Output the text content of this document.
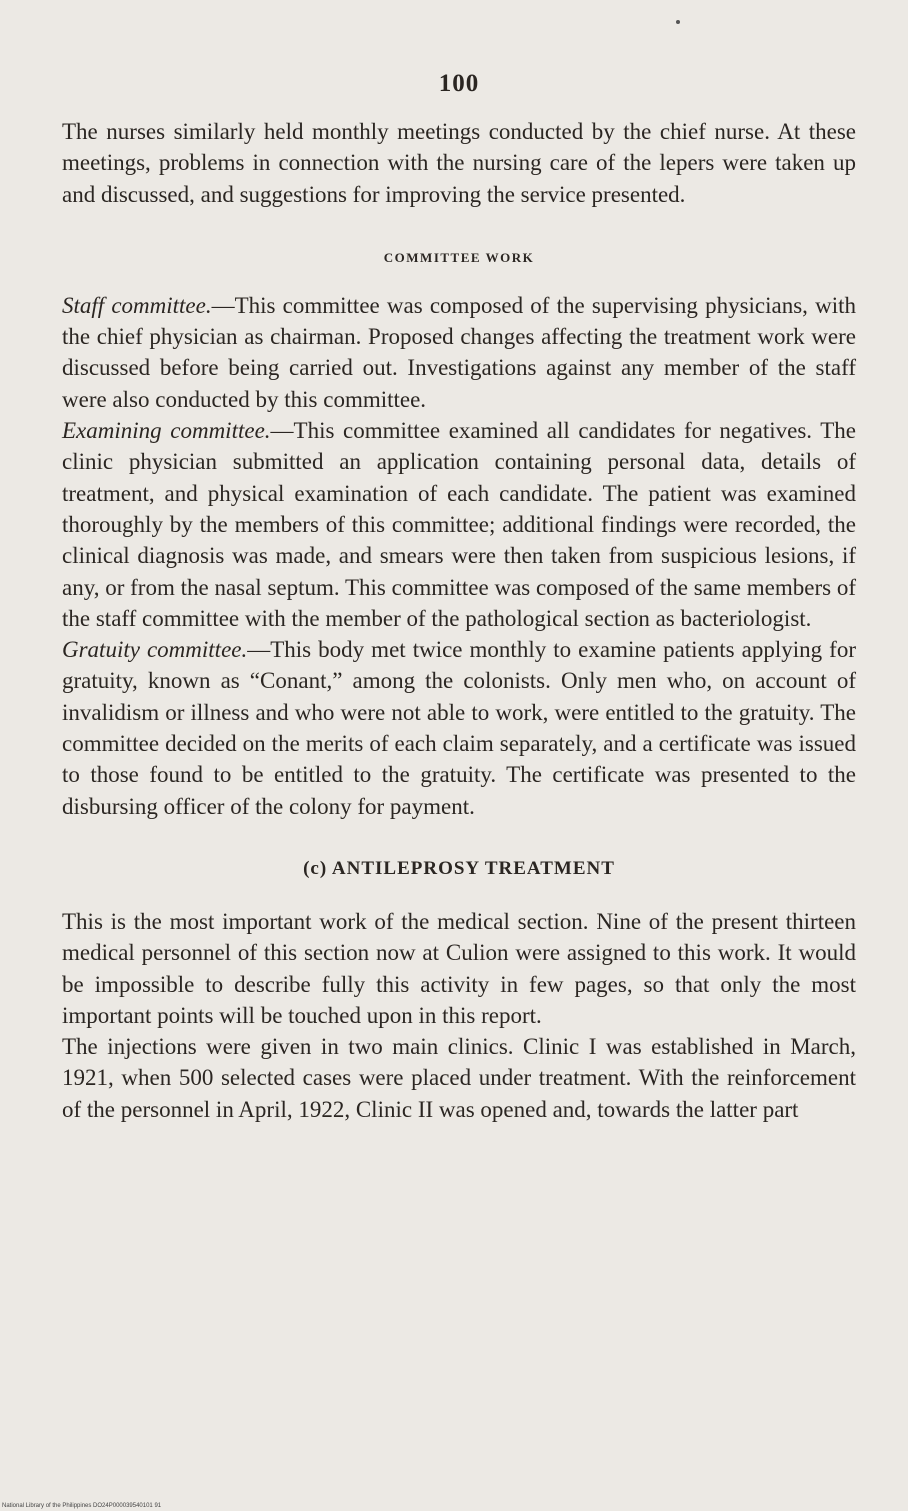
100

The nurses similarly held monthly meetings conducted by the chief nurse. At these meetings, problems in connection with the nursing care of the lepers were taken up and discussed, and suggestions for improving the service presented.

COMMITTEE WORK

Staff committee.—This committee was composed of the supervising physicians, with the chief physician as chairman. Proposed changes affecting the treatment work were discussed before being carried out. Investigations against any member of the staff were also conducted by this committee.

Examining committee.—This committee examined all candidates for negatives. The clinic physician submitted an application containing personal data, details of treatment, and physical examination of each candidate. The patient was examined thoroughly by the members of this committee; additional findings were recorded, the clinical diagnosis was made, and smears were then taken from suspicious lesions, if any, or from the nasal septum. This committee was composed of the same members of the staff committee with the member of the pathological section as bacteriologist.

Gratuity committee.—This body met twice monthly to examine patients applying for gratuity, known as “Conant,” among the colonists. Only men who, on account of invalidism or illness and who were not able to work, were entitled to the gratuity. The committee decided on the merits of each claim separately, and a certificate was issued to those found to be entitled to the gratuity. The certificate was presented to the disbursing officer of the colony for payment.

(c) ANTILEPROSY TREATMENT

This is the most important work of the medical section. Nine of the present thirteen medical personnel of this section now at Culion were assigned to this work. It would be impossible to describe fully this activity in few pages, so that only the most important points will be touched upon in this report.

The injections were given in two main clinics. Clinic I was established in March, 1921, when 500 selected cases were placed under treatment. With the reinforcement of the personnel in April, 1922, Clinic II was opened and, towards the latter part

National Library of the Philippines DO24P000039540101 91
